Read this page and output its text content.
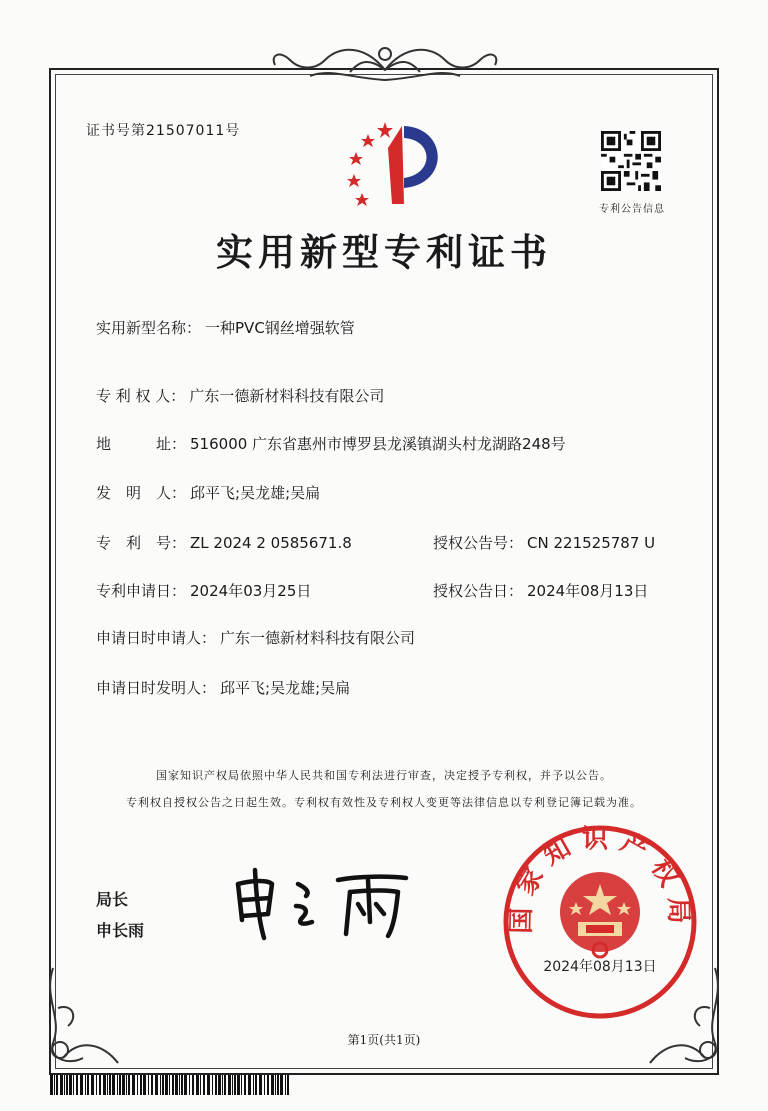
证书号第21507011号
专利公告信息
实用新型专利证书
实用新型名称： 一种PVC钢丝增强软管
专 利 权 人： 广东一德新材料科技有限公司
地　　　址： 516000 广东省惠州市博罗县龙溪镇湖头村龙湖路248号
发　明　人： 邱平飞;吴龙雄;吴扁
专　利　号： ZL 2024 2 0585671.8	授权公告号： CN 221525787 U
专利申请日： 2024年03月25日	授权公告日： 2024年08月13日
申请日时申请人： 广东一德新材料科技有限公司
申请日时发明人： 邱平飞;吴龙雄;吴扁
国家知识产权局依照中华人民共和国专利法进行审查，决定授予专利权，并予以公告。
专利权自授权公告之日起生效。专利权有效性及专利权人变更等法律信息以专利登记簿记载为准。
局长
申长雨	国家知识产权局
2024年08月13日
第1页(共1页)
